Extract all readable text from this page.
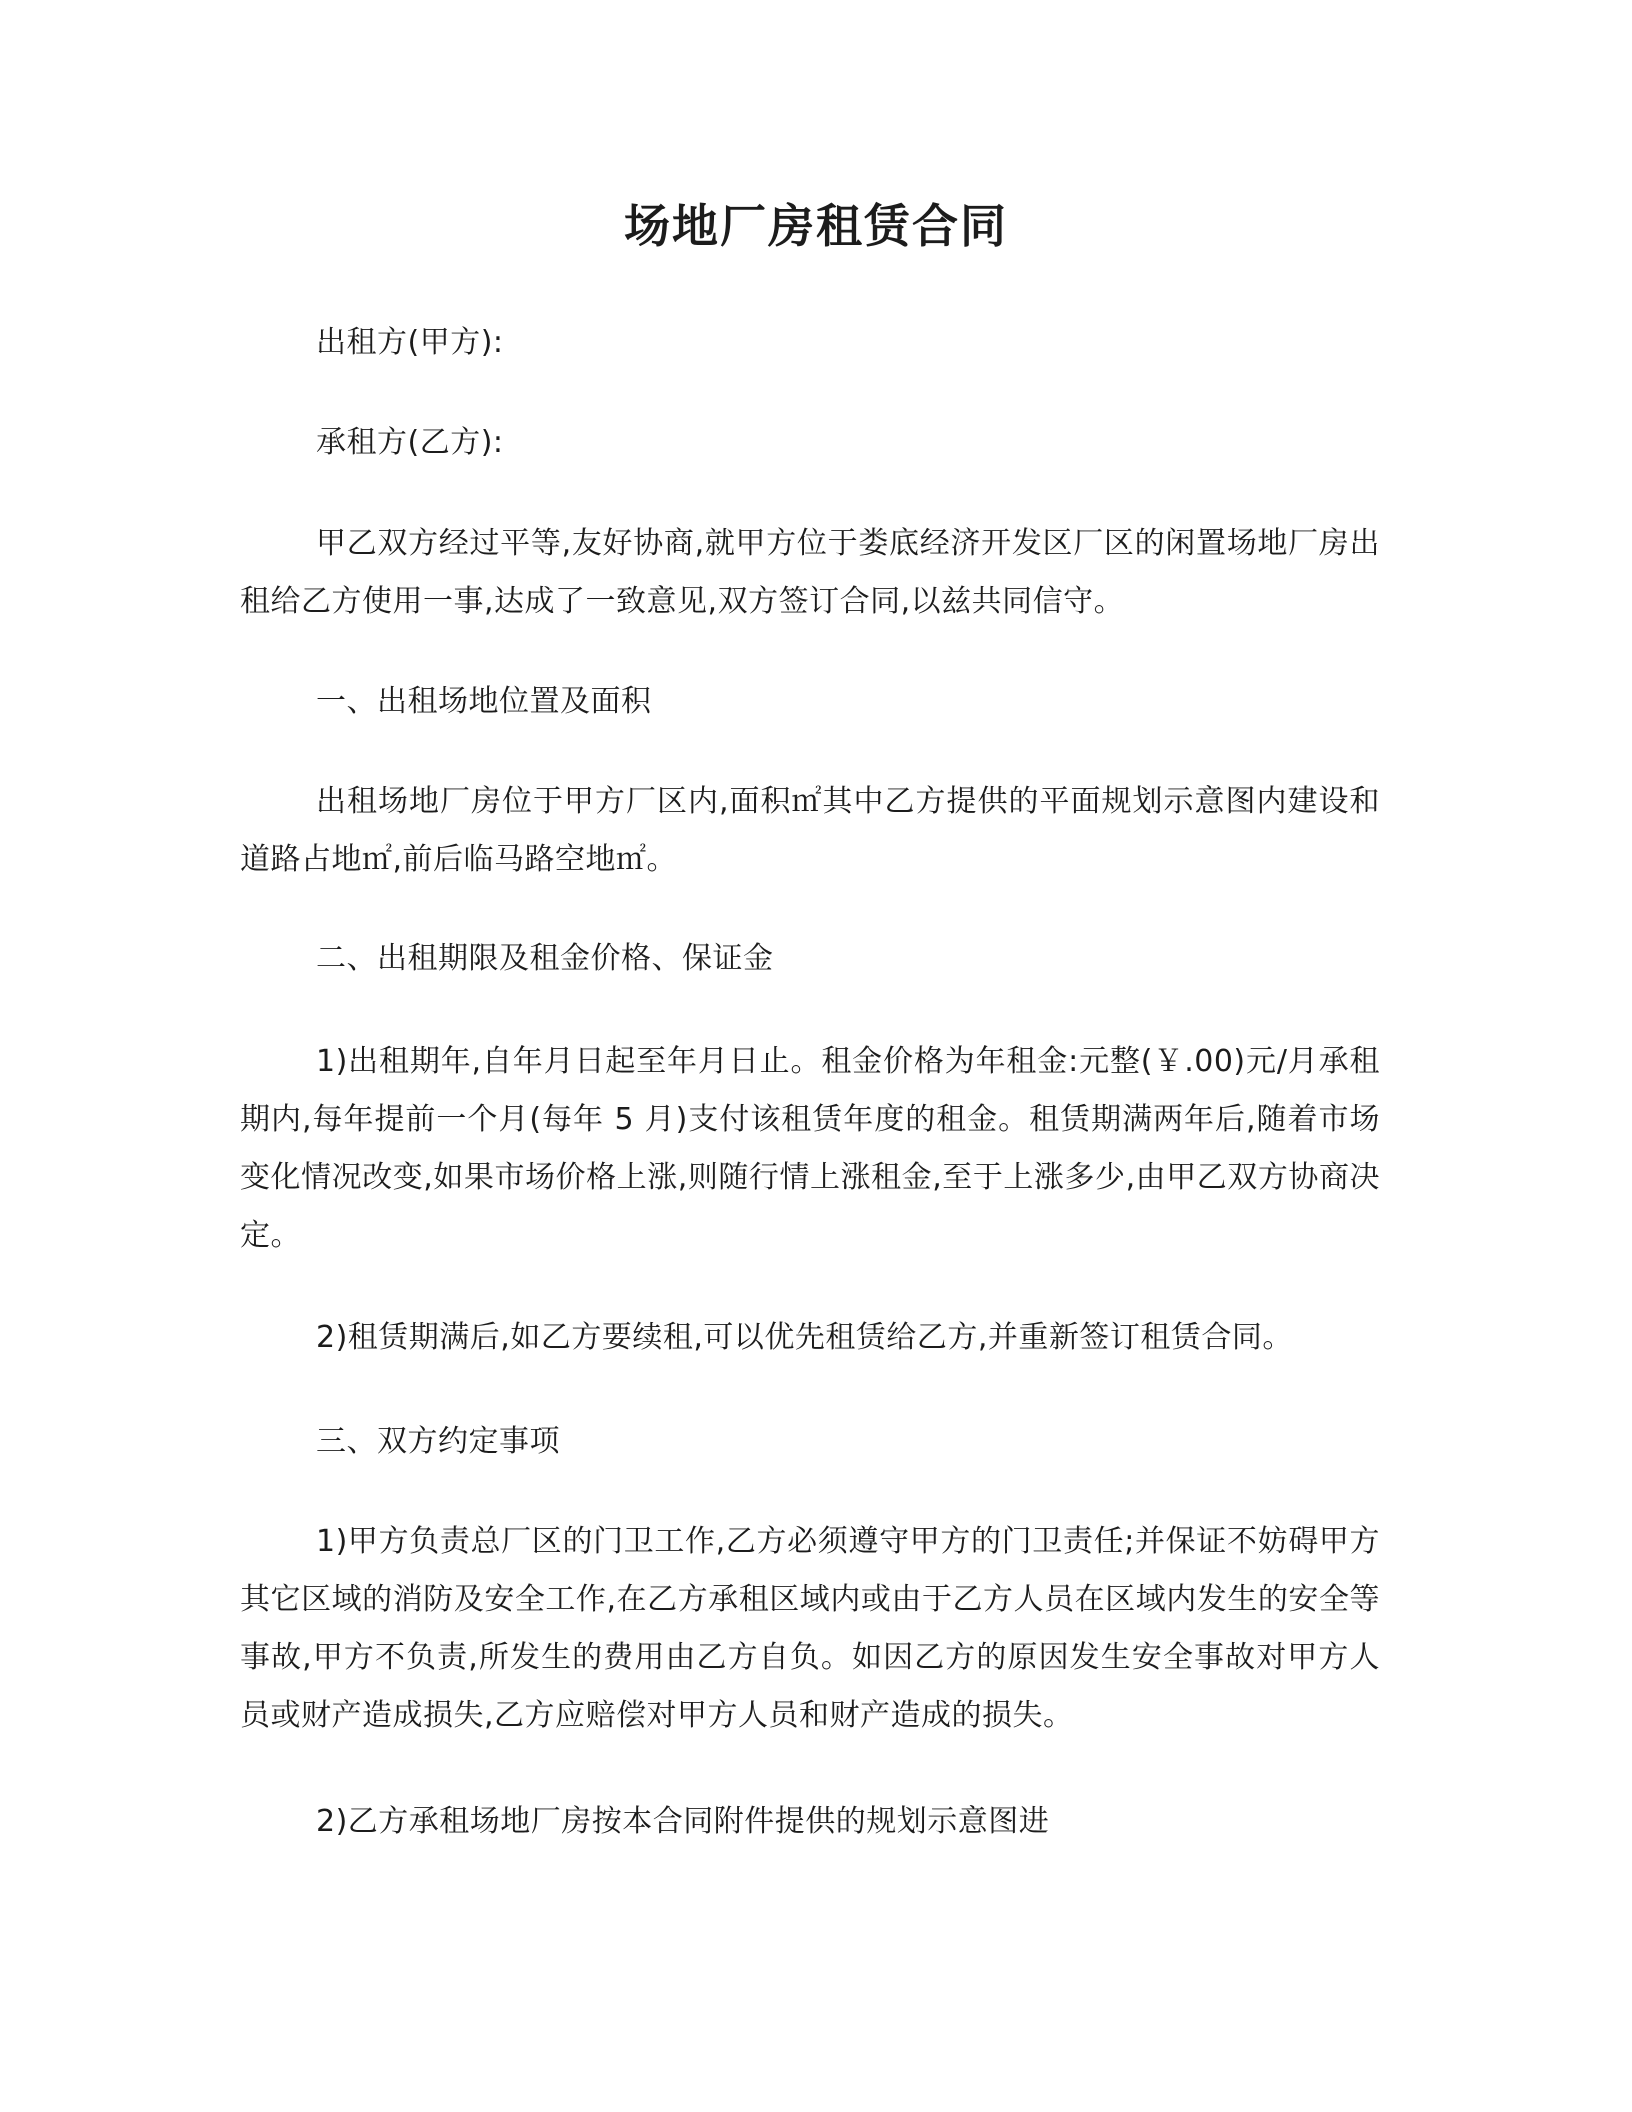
场地厂房租赁合同
出租方(甲方):
承租方(乙方):
甲乙双方经过平等,友好协商,就甲方位于娄底经济开发区厂区的闲置场地厂房出租给乙方使用一事,达成了一致意见,双方签订合同,以兹共同信守。
一、出租场地位置及面积
出租场地厂房位于甲方厂区内,面积㎡其中乙方提供的平面规划示意图内建设和道路占地㎡,前后临马路空地㎡。
二、出租期限及租金价格、保证金
1)出租期年,自年月日起至年月日止。租金价格为年租金:元整(￥.00)元/月承租期内,每年提前一个月(每年 5 月)支付该租赁年度的租金。租赁期满两年后,随着市场变化情况改变,如果市场价格上涨,则随行情上涨租金,至于上涨多少,由甲乙双方协商决定。
2)租赁期满后,如乙方要续租,可以优先租赁给乙方,并重新签订租赁合同。
三、双方约定事项
1)甲方负责总厂区的门卫工作,乙方必须遵守甲方的门卫责任;并保证不妨碍甲方其它区域的消防及安全工作,在乙方承租区域内或由于乙方人员在区域内发生的安全等事故,甲方不负责,所发生的费用由乙方自负。如因乙方的原因发生安全事故对甲方人员或财产造成损失,乙方应赔偿对甲方人员和财产造成的损失。
2)乙方承租场地厂房按本合同附件提供的规划示意图进
